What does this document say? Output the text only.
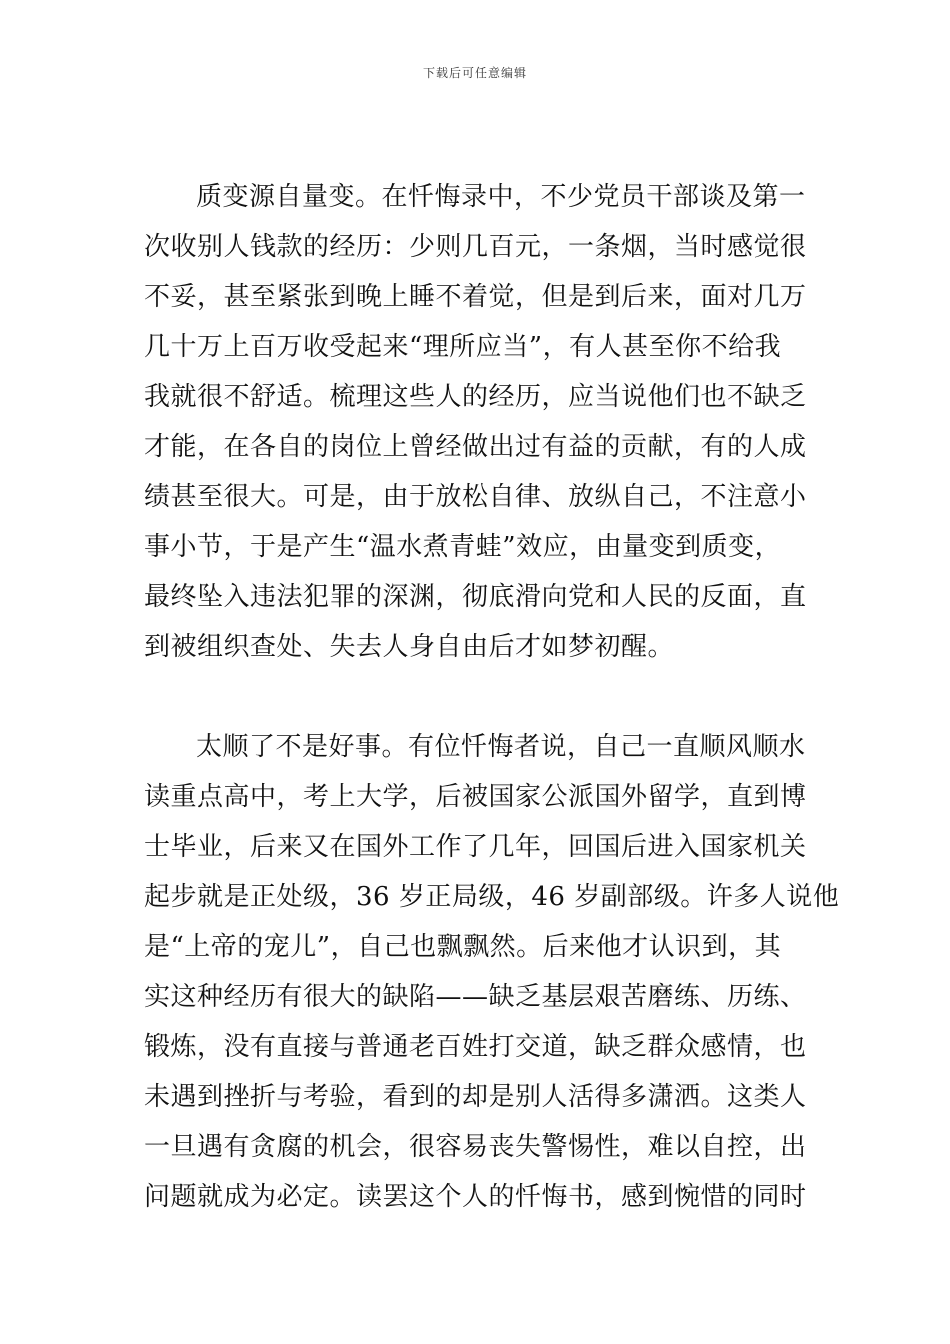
下载后可任意编辑
质变源自量变。在忏悔录中，不少党员干部谈及第一
次收别人钱款的经历：少则几百元，一条烟，当时感觉很
不妥，甚至紧张到晚上睡不着觉，但是到后来，面对几万
几十万上百万收受起来“理所应当”，有人甚至你不给我
我就很不舒适。梳理这些人的经历，应当说他们也不缺乏
才能，在各自的岗位上曾经做出过有益的贡献，有的人成
绩甚至很大。可是，由于放松自律、放纵自己，不注意小
事小节，于是产生“温水煮青蛙”效应，由量变到质变，
最终坠入违法犯罪的深渊，彻底滑向党和人民的反面，直
到被组织查处、失去人身自由后才如梦初醒。
太顺了不是好事。有位忏悔者说，自己一直顺风顺水
读重点高中，考上大学，后被国家公派国外留学，直到博
士毕业，后来又在国外工作了几年，回国后进入国家机关
起步就是正处级，36 岁正局级，46 岁副部级。许多人说他
是“上帝的宠儿”，自己也飘飘然。后来他才认识到，其
实这种经历有很大的缺陷——缺乏基层艰苦磨练、历练、
锻炼，没有直接与普通老百姓打交道，缺乏群众感情，也
未遇到挫折与考验，看到的却是别人活得多潇洒。这类人
一旦遇有贪腐的机会，很容易丧失警惕性，难以自控，出
问题就成为必定。读罢这个人的忏悔书，感到惋惜的同时
